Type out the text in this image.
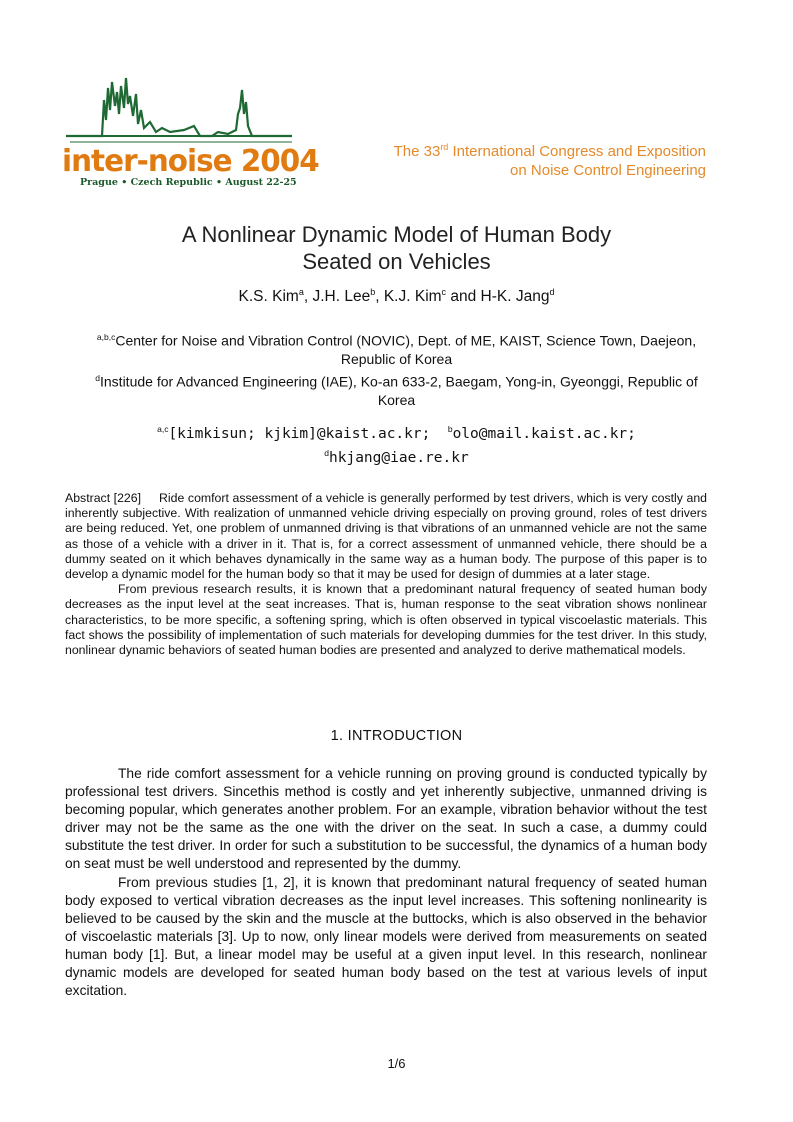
inter-noise 2004
Prague • Czech Republic • August 22-25
The 33rd International Congress and Exposition
on Noise Control Engineering
A Nonlinear Dynamic Model of Human Body
Seated on Vehicles
K.S. Kim$^a$, J.H. Lee$^b$, K.J. Kim$^c$ and H-K. Jang$^d$
$^{a,b,c}$Center for Noise and Vibration Control (NOVIC), Dept. of ME, KAIST, Science Town, Daejeon, Republic of Korea
$^d$Institude for Advanced Engineering (IAE), Ko-an 633-2, Baegam, Yong-in, Gyeonggi, Republic of Korea
$^{a,c}$[kimkisun; kjkim]@kaist.ac.kr; $^b$olo@mail.kaist.ac.kr;
$^d$hkjang@iae.re.kr

Abstract [226] Ride comfort assessment of a vehicle is generally performed by test drivers, which is very costly and inherently subjective. With realization of unmanned vehicle driving especially on proving ground, roles of test drivers are being reduced. Yet, one problem of unmanned driving is that vibrations of an unmanned vehicle are not the same as those of a vehicle with a driver in it. That is, for a correct assessment of unmanned vehicle, there should be a dummy seated on it which behaves dynamically in the same way as a human body. The purpose of this paper is to develop a dynamic model for the human body so that it may be used for design of dummies at a later stage.

From previous research results, it is known that a predominant natural frequency of seated human body decreases as the input level at the seat increases. That is, human response to the seat vibration shows nonlinear characteristics, to be more specific, a softening spring, which is often observed in typical viscoelastic materials. This fact shows the possibility of implementation of such materials for developing dummies for the test driver. In this study, nonlinear dynamic behaviors of seated human bodies are presented and analyzed to derive mathematical models.

1. INTRODUCTION

The ride comfort assessment for a vehicle running on proving ground is conducted typically by professional test drivers. Sincethis method is costly and yet inherently subjective, unmanned driving is becoming popular, which generates another problem. For an example, vibration behavior without the test driver may not be the same as the one with the driver on the seat. In such a case, a dummy could substitute the test driver. In order for such a substitution to be successful, the dynamics of a human body on seat must be well understood and represented by the dummy.

From previous studies [1, 2], it is known that predominant natural frequency of seated human body exposed to vertical vibration decreases as the input level increases. This softening nonlinearity is believed to be caused by the skin and the muscle at the buttocks, which is also observed in the behavior of viscoelastic materials [3]. Up to now, only linear models were derived from measurements on seated human body [1]. But, a linear model may be useful at a given input level. In this research, nonlinear dynamic models are developed for seated human body based on the test at various levels of input excitation.

1/6
